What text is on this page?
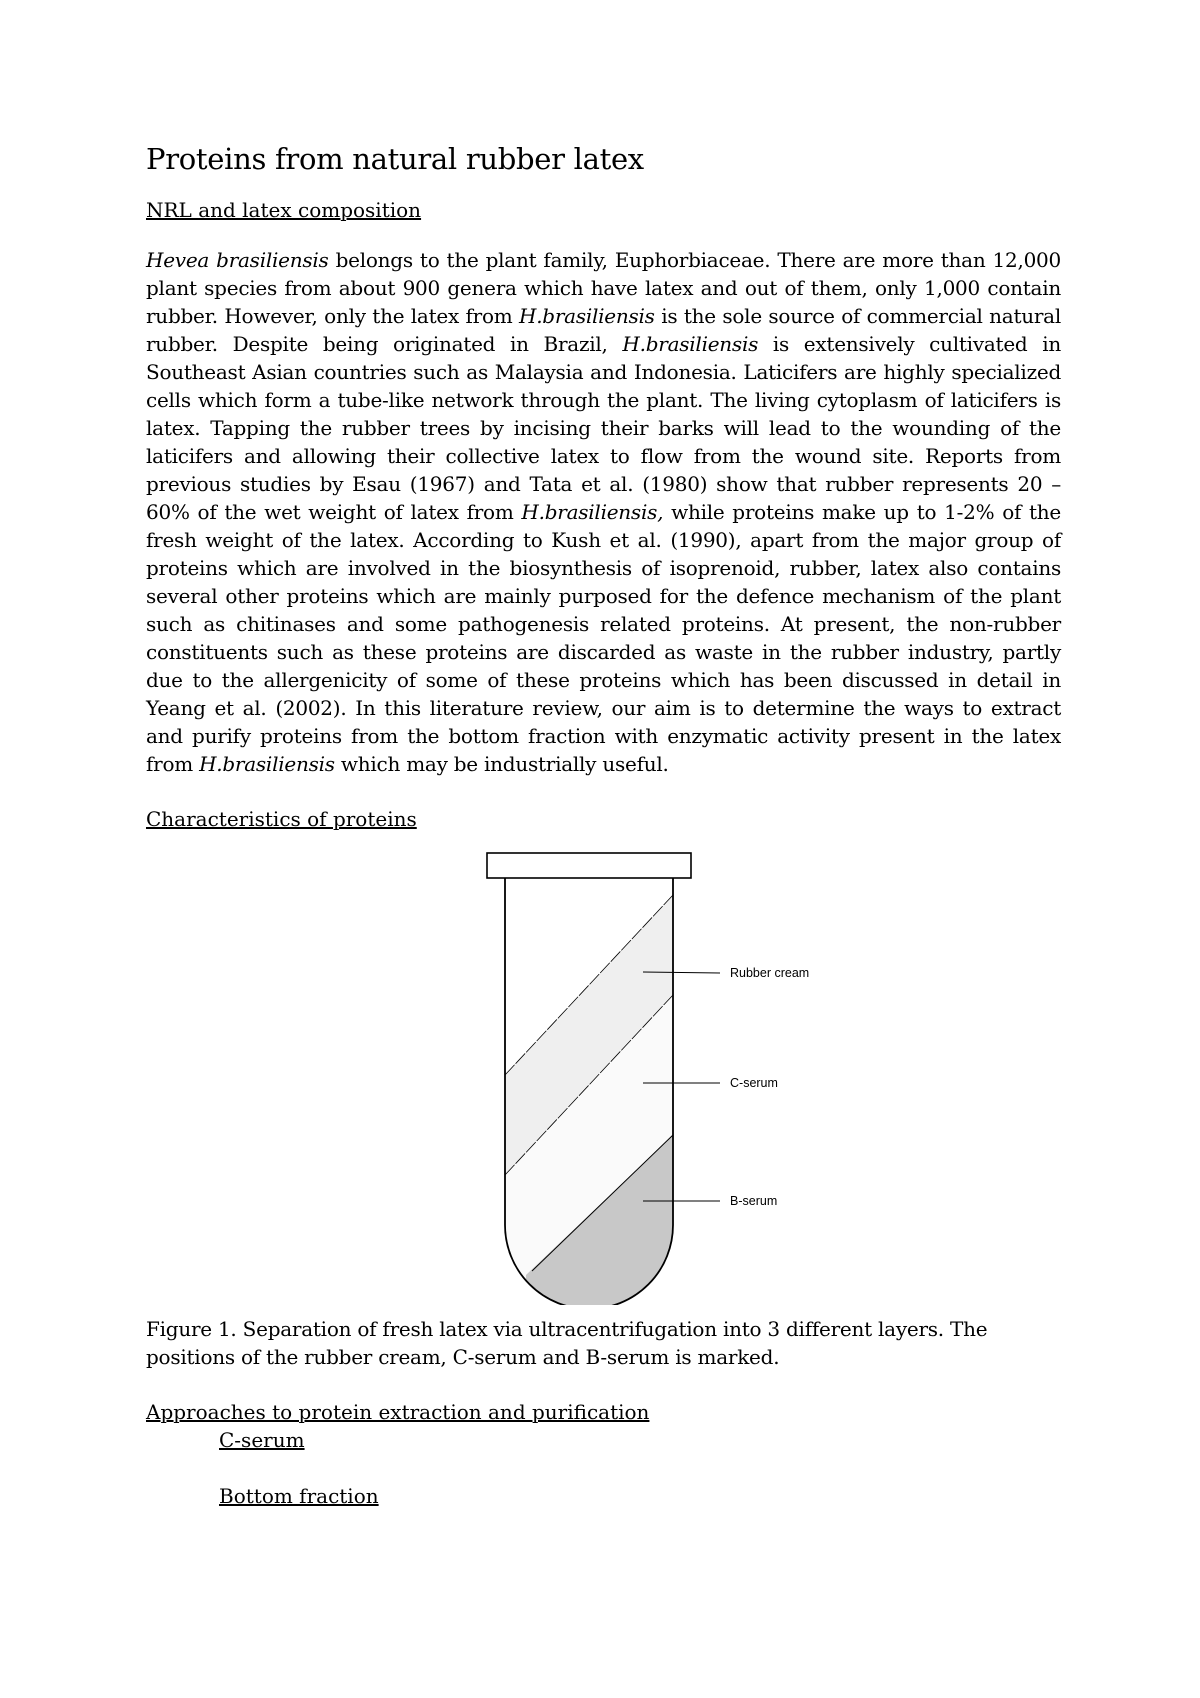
Proteins from natural rubber latex
NRL and latex composition

Hevea brasiliensis belongs to the plant family, Euphorbiaceae. There are more than 12,000 plant species from about 900 genera which have latex and out of them, only 1,000 contain rubber. However, only the latex from H.brasiliensis is the sole source of commercial natural rubber. Despite being originated in Brazil, H.brasiliensis is extensively cultivated in Southeast Asian countries such as Malaysia and Indonesia. Laticifers are highly specialized cells which form a tube-like network through the plant. The living cytoplasm of laticifers is latex. Tapping the rubber trees by incising their barks will lead to the wounding of the laticifers and allowing their collective latex to flow from the wound site. Reports from previous studies by Esau (1967) and Tata et al. (1980) show that rubber represents 20 – 60% of the wet weight of latex from H.brasiliensis, while proteins make up to 1-2% of the fresh weight of the latex. According to Kush et al. (1990), apart from the major group of proteins which are involved in the biosynthesis of isoprenoid, rubber, latex also contains several other proteins which are mainly purposed for the defence mechanism of the plant such as chitinases and some pathogenesis related proteins. At present, the non-rubber constituents such as these proteins are discarded as waste in the rubber industry, partly due to the allergenicity of some of these proteins which has been discussed in detail in Yeang et al. (2002). In this literature review, our aim is to determine the ways to extract and purify proteins from the bottom fraction with enzymatic activity present in the latex from H.brasiliensis which may be industrially useful.

Characteristics of proteins
Rubber cream
C-serum
B-serum

Figure 1. Separation of fresh latex via ultracentrifugation into 3 different layers. The positions of the rubber cream, C-serum and B-serum is marked.

Approaches to protein extraction and purification
C-serum
Bottom fraction
